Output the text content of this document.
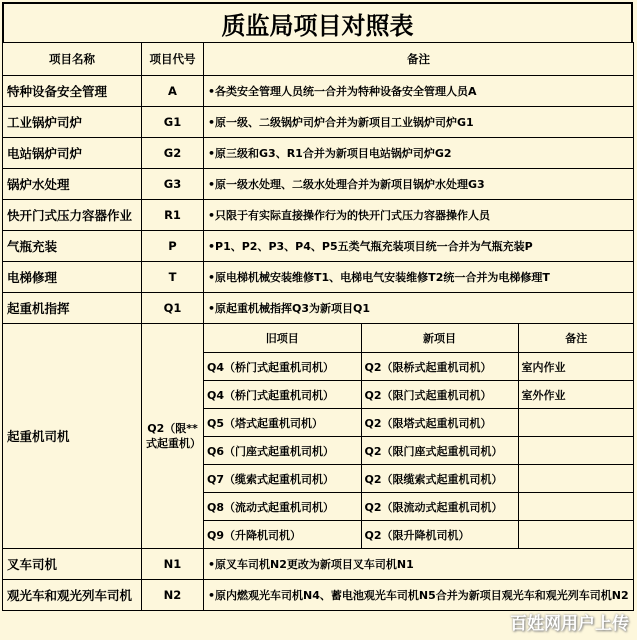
质监局项目对照表
项目名称	项目代号	备注
特种设备安全管理	A	•各类安全管理人员统一合并为特种设备安全管理人员A
工业锅炉司炉	G1	•原一级、二级锅炉司炉合并为新项目工业锅炉司炉G1
电站锅炉司炉	G2	•原三级和G3、R1合并为新项目电站锅炉司炉G2
锅炉水处理	G3	•原一级水处理、二级水处理合并为新项目锅炉水处理G3
快开门式压力容器作业	R1	•只限于有实际直接操作行为的快开门式压力容器操作人员
气瓶充装	P	•P1、P2、P3、P4、P5五类气瓶充装项目统一合并为气瓶充装P
电梯修理	T	•原电梯机械安装维修T1、电梯电气安装维修T2统一合并为电梯修理T
起重机指挥	Q1	•原起重机械指挥Q3为新项目Q1
起重机司机	Q2（限**式起重机）	
旧项目	新项目	备注
Q4（桥门式起重机司机）	Q2（限桥式起重机司机）	室内作业
Q4（桥门式起重机司机）	Q2（限门式起重机司机）	室外作业
Q5（塔式起重机司机）	Q2（限塔式起重机司机）	
Q6（门座式起重机司机）	Q2（限门座式起重机司机）	
Q7（缆索式起重机司机）	Q2（限缆索式起重机司机）	
Q8（流动式起重机司机）	Q2（限流动式起重机司机）	
Q9（升降机司机）	Q2（限升降机司机）	

叉车司机	N1	•原叉车司机N2更改为新项目叉车司机N1
观光车和观光列车司机	N2	•原内燃观光车司机N4、蓄电池观光车司机N5合并为新项目观光车和观光列车司机N2
百姓网用户上传
